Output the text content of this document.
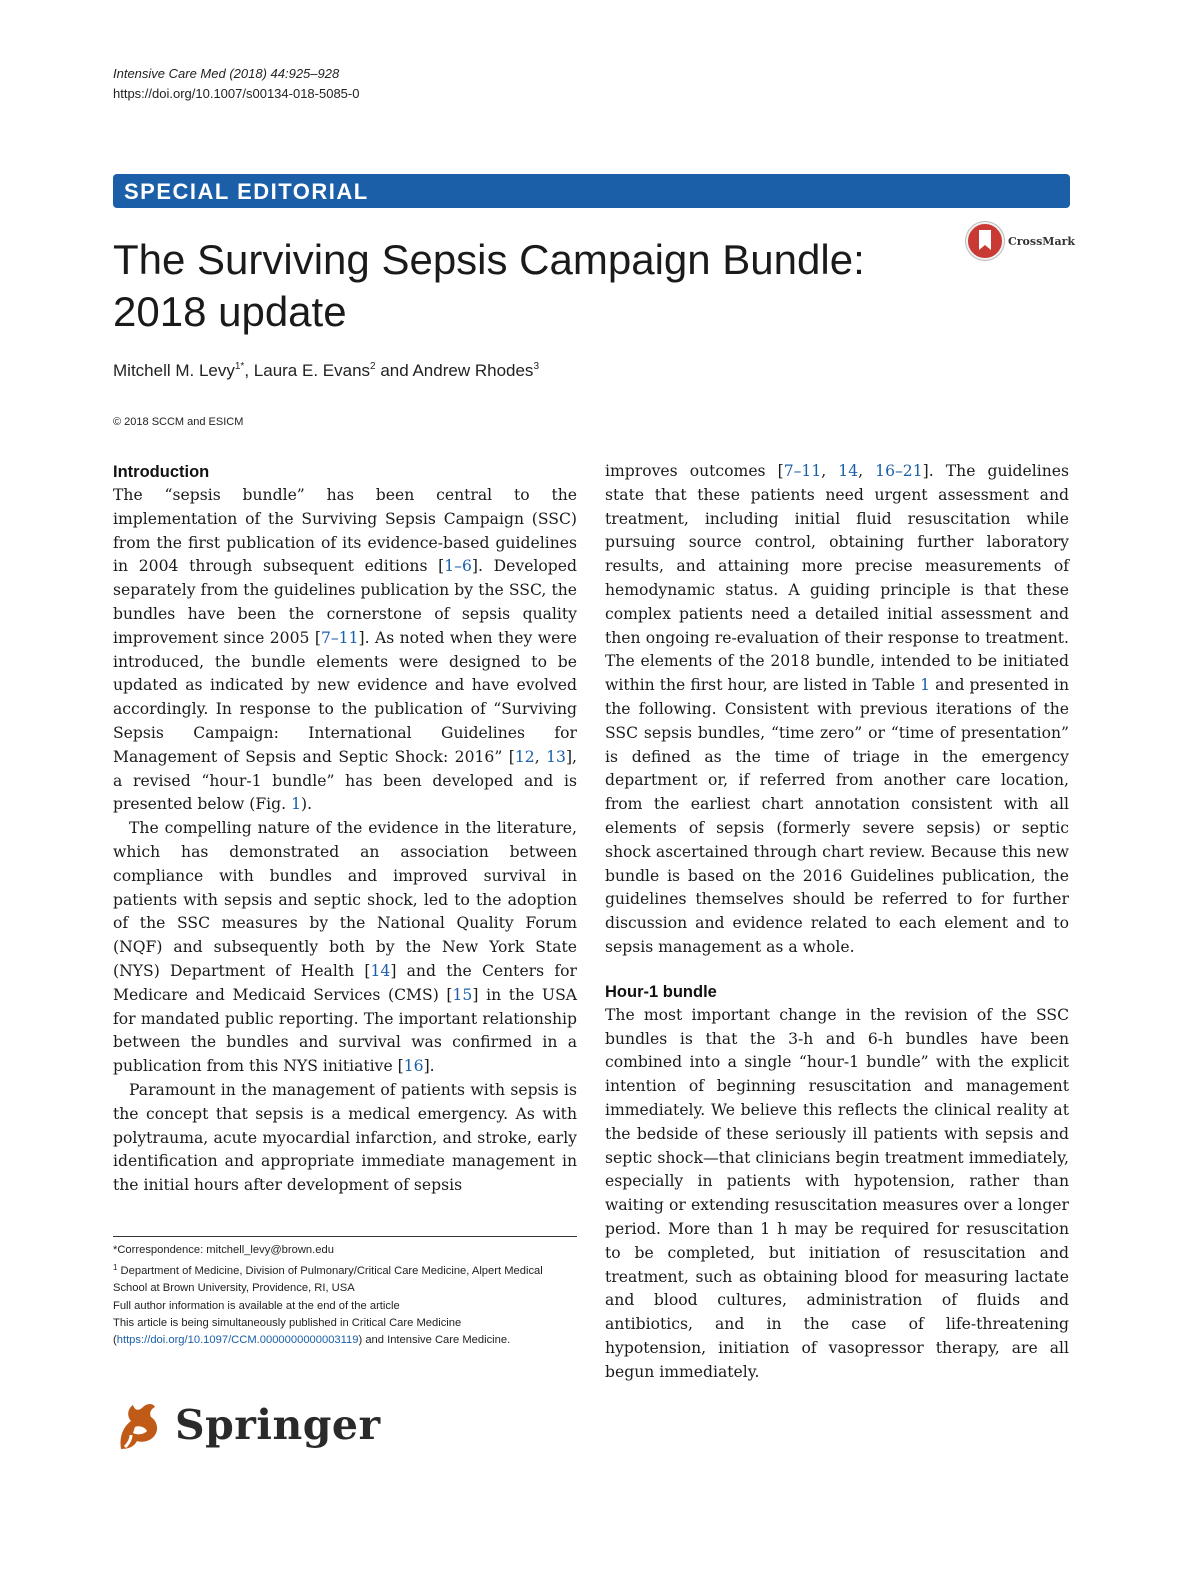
Intensive Care Med (2018) 44:925–928
https://doi.org/10.1007/s00134-018-5085-0
SPECIAL EDITORIAL
CrossMark
The Surviving Sepsis Campaign Bundle:
2018 update
Mitchell M. Levy$^{1*}$, Laura E. Evans$^2$ and Andrew Rhodes$^3$
© 2018 SCCM and ESICM
Introduction

The “sepsis bundle” has been central to the implementation of the Surviving Sepsis Campaign (SSC) from the first publication of its evidence-based guidelines in 2004 through subsequent editions [1–6]. Developed separately from the guidelines publication by the SSC, the bundles have been the cornerstone of sepsis quality improvement since 2005 [7–11]. As noted when they were introduced, the bundle elements were designed to be updated as indicated by new evidence and have evolved accordingly. In response to the publication of “Surviving Sepsis Campaign: International Guidelines for Management of Sepsis and Septic Shock: 2016” [12, 13], a revised “hour-1 bundle” has been developed and is presented below (Fig. 1).

The compelling nature of the evidence in the literature, which has demonstrated an association between compliance with bundles and improved survival in patients with sepsis and septic shock, led to the adoption of the SSC measures by the National Quality Forum (NQF) and subsequently both by the New York State (NYS) Department of Health [14] and the Centers for Medicare and Medicaid Services (CMS) [15] in the USA for mandated public reporting. The important relationship between the bundles and survival was confirmed in a publication from this NYS initiative [16].

Paramount in the management of patients with sepsis is the concept that sepsis is a medical emergency. As with polytrauma, acute myocardial infarction, and stroke, early identification and appropriate immediate management in the initial hours after development of sepsis

improves outcomes [7–11, 14, 16–21]. The guidelines state that these patients need urgent assessment and treatment, including initial fluid resuscitation while pursuing source control, obtaining further laboratory results, and attaining more precise measurements of hemodynamic status. A guiding principle is that these complex patients need a detailed initial assessment and then ongoing re-evaluation of their response to treatment. The elements of the 2018 bundle, intended to be initiated within the first hour, are listed in Table 1 and presented in the following. Consistent with previous iterations of the SSC sepsis bundles, “time zero” or “time of presentation” is defined as the time of triage in the emergency department or, if referred from another care location, from the earliest chart annotation consistent with all elements of sepsis (formerly severe sepsis) or septic shock ascertained through chart review. Because this new bundle is based on the 2016 Guidelines publication, the guidelines themselves should be referred to for further discussion and evidence related to each element and to sepsis management as a whole.

Hour-1 bundle

The most important change in the revision of the SSC bundles is that the 3-h and 6-h bundles have been combined into a single “hour-1 bundle” with the explicit intention of beginning resuscitation and management immediately. We believe this reflects the clinical reality at the bedside of these seriously ill patients with sepsis and septic shock—that clinicians begin treatment immediately, especially in patients with hypotension, rather than waiting or extending resuscitation measures over a longer period. More than 1 h may be required for resuscitation to be completed, but initiation of resuscitation and treatment, such as obtaining blood for measuring lactate and blood cultures, administration of fluids and antibiotics, and in the case of life-threatening hypotension, initiation of vasopressor therapy, are all begun immediately.

*Correspondence: mitchell_levy@brown.edu

$^1$ Department of Medicine, Division of Pulmonary/Critical Care Medicine, Alpert Medical School at Brown University, Providence, RI, USA

Full author information is available at the end of the article

This article is being simultaneously published in Critical Care Medicine (https://doi.org/10.1097/CCM.0000000000003119) and Intensive Care Medicine.

Springer
